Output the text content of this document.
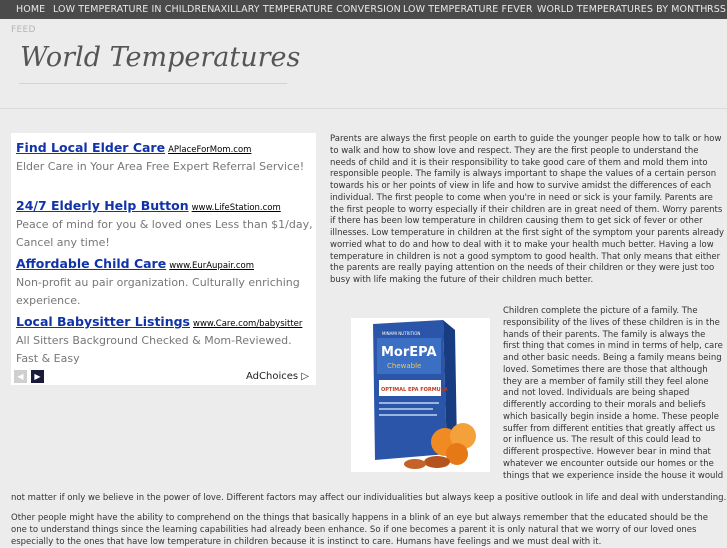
HOME LOW TEMPERATURE IN CHILDREN AXILLARY TEMPERATURE CONVERSION LOW TEMPERATURE FEVER WORLD TEMPERATURES BY MONTH RSS
FEED
World Temperatures
Find Local Elder Care APlaceForMom.com
Elder Care in Your Area Free Expert Referral Service!
24/7 Elderly Help Button www.LifeStation.com
Peace of mind for you & loved ones Less than $1/day, Cancel any time!
Affordable Child Care www.EurAupair.com
Non-profit au pair organization. Culturally enriching experience.
Local Babysitter Listings www.Care.com/babysitter
All Sitters Background Checked & Mom-Reviewed. Fast & Easy
◀	▶	AdChoices ▷

Parents are always the first people on earth to guide the younger people how to talk or how to walk and how to show love and respect. They are the first people to understand the needs of child and it is their responsibility to take good care of them and mold them into responsible people. The family is always important to shape the values of a certain person towards his or her points of view in life and how to survive amidst the differences of each individual. The first people to come when you're in need or sick is your family. Parents are the first people to worry especially if their children are in great need of them. Worry parents if there has been low temperature in children causing them to get sick of fever or other illnesses. Low temperature in children at the first sight of the symptom your parents already worried what to do and how to deal with it to make your health much better. Having a low temperature in children is not a good symptom to good health. That only means that either the parents are really paying attention on the needs of their children or they were just too busy with life making the future of their children much better.

MINAMI NUTRITION
MorEPA
Chewable
OPTIMAL EPA FORMULA

Children complete the picture of a family. The responsibility of the lives of these children is in the hands of their parents. The family is always the first thing that comes in mind in terms of help, care and other basic needs. Being a family means being loved. Sometimes there are those that although they are a member of family still they feel alone and not loved. Individuals are being shaped differently according to their morals and beliefs which basically begin inside a home. These people suffer from different entities that greatly affect us or influence us. The result of this could lead to different prospective. However bear in mind that whatever we encounter outside our homes or the things that we experience inside the house it would

not matter if only we believe in the power of love. Different factors may affect our individualities but always keep a positive outlook in life and deal with understanding.

Other people might have the ability to comprehend on the things that basically happens in a blink of an eye but always remember that the educated should be the one to understand things since the learning capabilities had already been enhance. So if one becomes a parent it is only natural that we worry of our loved ones especially to the ones that have low temperature in children because it is instinct to care. Humans have feelings and we must deal with it.
